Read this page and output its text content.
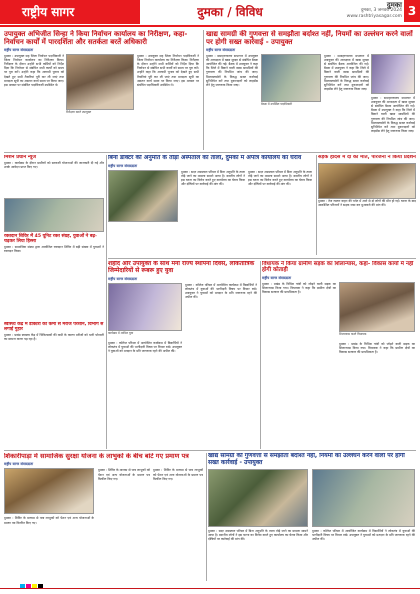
राष्ट्रीय सागर	दुमका / विविध	दुमका
दुमका, 3 जनवरी 2024
www.rashtriyasagar.com 3
उपायुक्त अभिजीत सिन्हा ने किया निर्वाचन कार्यालय का निरीक्षण, कहा- निर्वाचन कार्यों में पारदर्शिता और सतर्कता बरतें अधिकारी
राष्ट्रीय सागर संवाददाता
दुमका : उपायुक्त सह जिला निर्वाचन पदाधिकारी ने जिला निर्वाचन कार्यालय का निरीक्षण किया। निरीक्षण के दौरान उन्होंने सभी कर्मियों को निर्देश दिया कि निर्वाचन से संबंधित सभी कार्यों को समय पर पूरा करें। उन्होंने कहा कि आगामी चुनाव को देखते हुए सभी तैयारियां पूरी कर ली जाएं तथा मतदाता सूची का अद्यतन कार्य समय पर किया जाए। इस अवसर पर संबंधित पदाधिकारी उपस्थित थे।
निरीक्षण करते उपायुक्त
दुमका : उपायुक्त सह जिला निर्वाचन पदाधिकारी ने जिला निर्वाचन कार्यालय का निरीक्षण किया। निरीक्षण के दौरान उन्होंने सभी कर्मियों को निर्देश दिया कि निर्वाचन से संबंधित सभी कार्यों को समय पर पूरा करें। उन्होंने कहा कि आगामी चुनाव को देखते हुए सभी तैयारियां पूरी कर ली जाएं तथा मतदाता सूची का अद्यतन कार्य समय पर किया जाए। इस अवसर पर संबंधित पदाधिकारी उपस्थित थे।
खाद्य सामग्री की गुणवत्ता से समझौता बर्दाश्त नहीं, नियमों का उल्लंघन करने वालों पर होगी सख्त कार्रवाई - उपायुक्त
राष्ट्रीय सागर संवाददाता
दुमका : समाहरणालय सभागार में उपायुक्त की अध्यक्षता में खाद्य सुरक्षा से संबंधित बैठक आयोजित की गई। बैठक में उपायुक्त ने कहा कि जिले में बिकने वाली खाद्य सामग्रियों की गुणवत्ता की नियमित जांच की जाए। मिलावटखोरों के विरुद्ध सख्त कार्रवाई सुनिश्चित करें तथा दुकानदारों को लाइसेंस लेने हेतु जागरूक किया जाए।
बैठक में उपस्थित पदाधिकारी
दुमका : समाहरणालय सभागार में उपायुक्त की अध्यक्षता में खाद्य सुरक्षा से संबंधित बैठक आयोजित की गई। बैठक में उपायुक्त ने कहा कि जिले में बिकने वाली खाद्य सामग्रियों की गुणवत्ता की नियमित जांच की जाए। मिलावटखोरों के विरुद्ध सख्त कार्रवाई सुनिश्चित करें तथा दुकानदारों को लाइसेंस लेने हेतु जागरूक किया जाए।
दुमका : समाहरणालय सभागार में उपायुक्त की अध्यक्षता में खाद्य सुरक्षा से संबंधित बैठक आयोजित की गई। बैठक में उपायुक्त ने कहा कि जिले में बिकने वाली खाद्य सामग्रियों की गुणवत्ता की नियमित जांच की जाए। मिलावटखोरों के विरुद्ध सख्त कार्रवाई सुनिश्चित करें तथा दुकानदारों को लाइसेंस लेने हेतु जागरूक किया जाए।
मिशन प्रधान न्यूज
दुमका : कार्यक्रम के दौरान ग्रामीणों को सरकारी योजनाओं की जानकारी दी गई और उनके आवेदन प्राप्त किए गए।
बिना डाक्टर की अनुमति के तोड़ा अस्पताल का ताला, दुमका में अपात्र कार्यालय का घेराव
राष्ट्रीय सागर संवाददाता
दुमका : सदर अस्पताल परिसर में बिना अनुमति के ताला तोड़े जाने का मामला सामने आया है। स्थानीय लोगों ने इस घटना का विरोध करते हुए कार्यालय का घेराव किया और दोषियों पर कार्रवाई की मांग की।
दुमका : सदर अस्पताल परिसर में बिना अनुमति के ताला तोड़े जाने का मामला सामने आया है। स्थानीय लोगों ने इस घटना का विरोध करते हुए कार्यालय का घेराव किया और दोषियों पर कार्रवाई की मांग की।
सड़क हादसे में दो की मौत, परिजनों ने किया प्रदर्शन
दुमका : तेज रफ्तार वाहन की चपेट में आने से दो लोगों की मौत हो गई। घटना के बाद आक्रोशित परिजनों ने सड़क जाम कर मुआवजे की मांग की।
रक्तदान शिविर में 45 यूनिट रक्त संग्रह, युवाओं ने बढ़-चढ़कर लिया हिस्सा
दुमका : सामाजिक संस्था द्वारा आयोजित रक्तदान शिविर में बड़ी संख्या में युवाओं ने रक्तदान किया।
शहीद और उपायुक्त के साथ मना राज्य स्थापना दिवस, लोकतांत्रिक जिम्मेदारियों से रूबरू हुए युवा
राष्ट्रीय सागर संवाददाता
कार्यक्रम में शामिल युवा
दुमका : कॉलेज परिसर में आयोजित कार्यक्रम में विद्यार्थियों ने लोकतंत्र में युवाओं की भागीदारी विषय पर विचार रखे। उपायुक्त ने युवाओं को मतदान के प्रति जागरूक रहने की अपील की।
दुमका : कॉलेज परिसर में आयोजित कार्यक्रम में विद्यार्थियों ने लोकतंत्र में युवाओं की भागीदारी विषय पर विचार रखे। उपायुक्त ने युवाओं को मतदान के प्रति जागरूक रहने की अपील की।
विधायक ने किया ग्रामीण सड़क का शिलान्यास, कहा- विकास कार्यों में नहीं होगी कोताही
राष्ट्रीय सागर संवाददाता
दुमका : प्रखंड के विभिन्न गांवों को जोड़ने वाली सड़क का शिलान्यास किया गया। विधायक ने कहा कि ग्रामीण क्षेत्रों का विकास सरकार की प्राथमिकता है।
शिलान्यास करते विधायक
दुमका : प्रखंड के विभिन्न गांवों को जोड़ने वाली सड़क का शिलान्यास किया गया। विधायक ने कहा कि ग्रामीण क्षेत्रों का विकास सरकार की प्राथमिकता है।
स्वास्थ्य केंद्र में डॉक्टरों की कमी से मरीज परेशान, विभाग से लगाई गुहार
दुमका : प्रखंड स्वास्थ्य केंद्र में चिकित्सकों की कमी के कारण मरीजों को भारी परेशानी का सामना करना पड़ रहा है।
शिकारीपाड़ा में सामाजिक सुरक्षा योजना के लाभुकों के बीच बांटे गए प्रमाण पत्र
राष्ट्रीय सागर संवाददाता
दुमका : शिविर के माध्यम से पात्र लाभुकों को पेंशन एवं अन्य योजनाओं के प्रमाण पत्र वितरित किए गए।
दुमका : शिविर के माध्यम से पात्र लाभुकों को पेंशन एवं अन्य योजनाओं के प्रमाण पत्र वितरित किए गए।
दुमका : शिविर के माध्यम से पात्र लाभुकों को पेंशन एवं अन्य योजनाओं के प्रमाण पत्र वितरित किए गए।
खाद्य सामग्री की गुणवत्ता से समझौता बर्दाश्त नहीं, नियमों का उल्लंघन करने वालों पर होगी सख्त कार्रवाई - उपायुक्त
दुमका : सदर अस्पताल परिसर में बिना अनुमति के ताला तोड़े जाने का मामला सामने आया है। स्थानीय लोगों ने इस घटना का विरोध करते हुए कार्यालय का घेराव किया और दोषियों पर कार्रवाई की मांग की।
दुमका : कॉलेज परिसर में आयोजित कार्यक्रम में विद्यार्थियों ने लोकतंत्र में युवाओं की भागीदारी विषय पर विचार रखे। उपायुक्त ने युवाओं को मतदान के प्रति जागरूक रहने की अपील की।
